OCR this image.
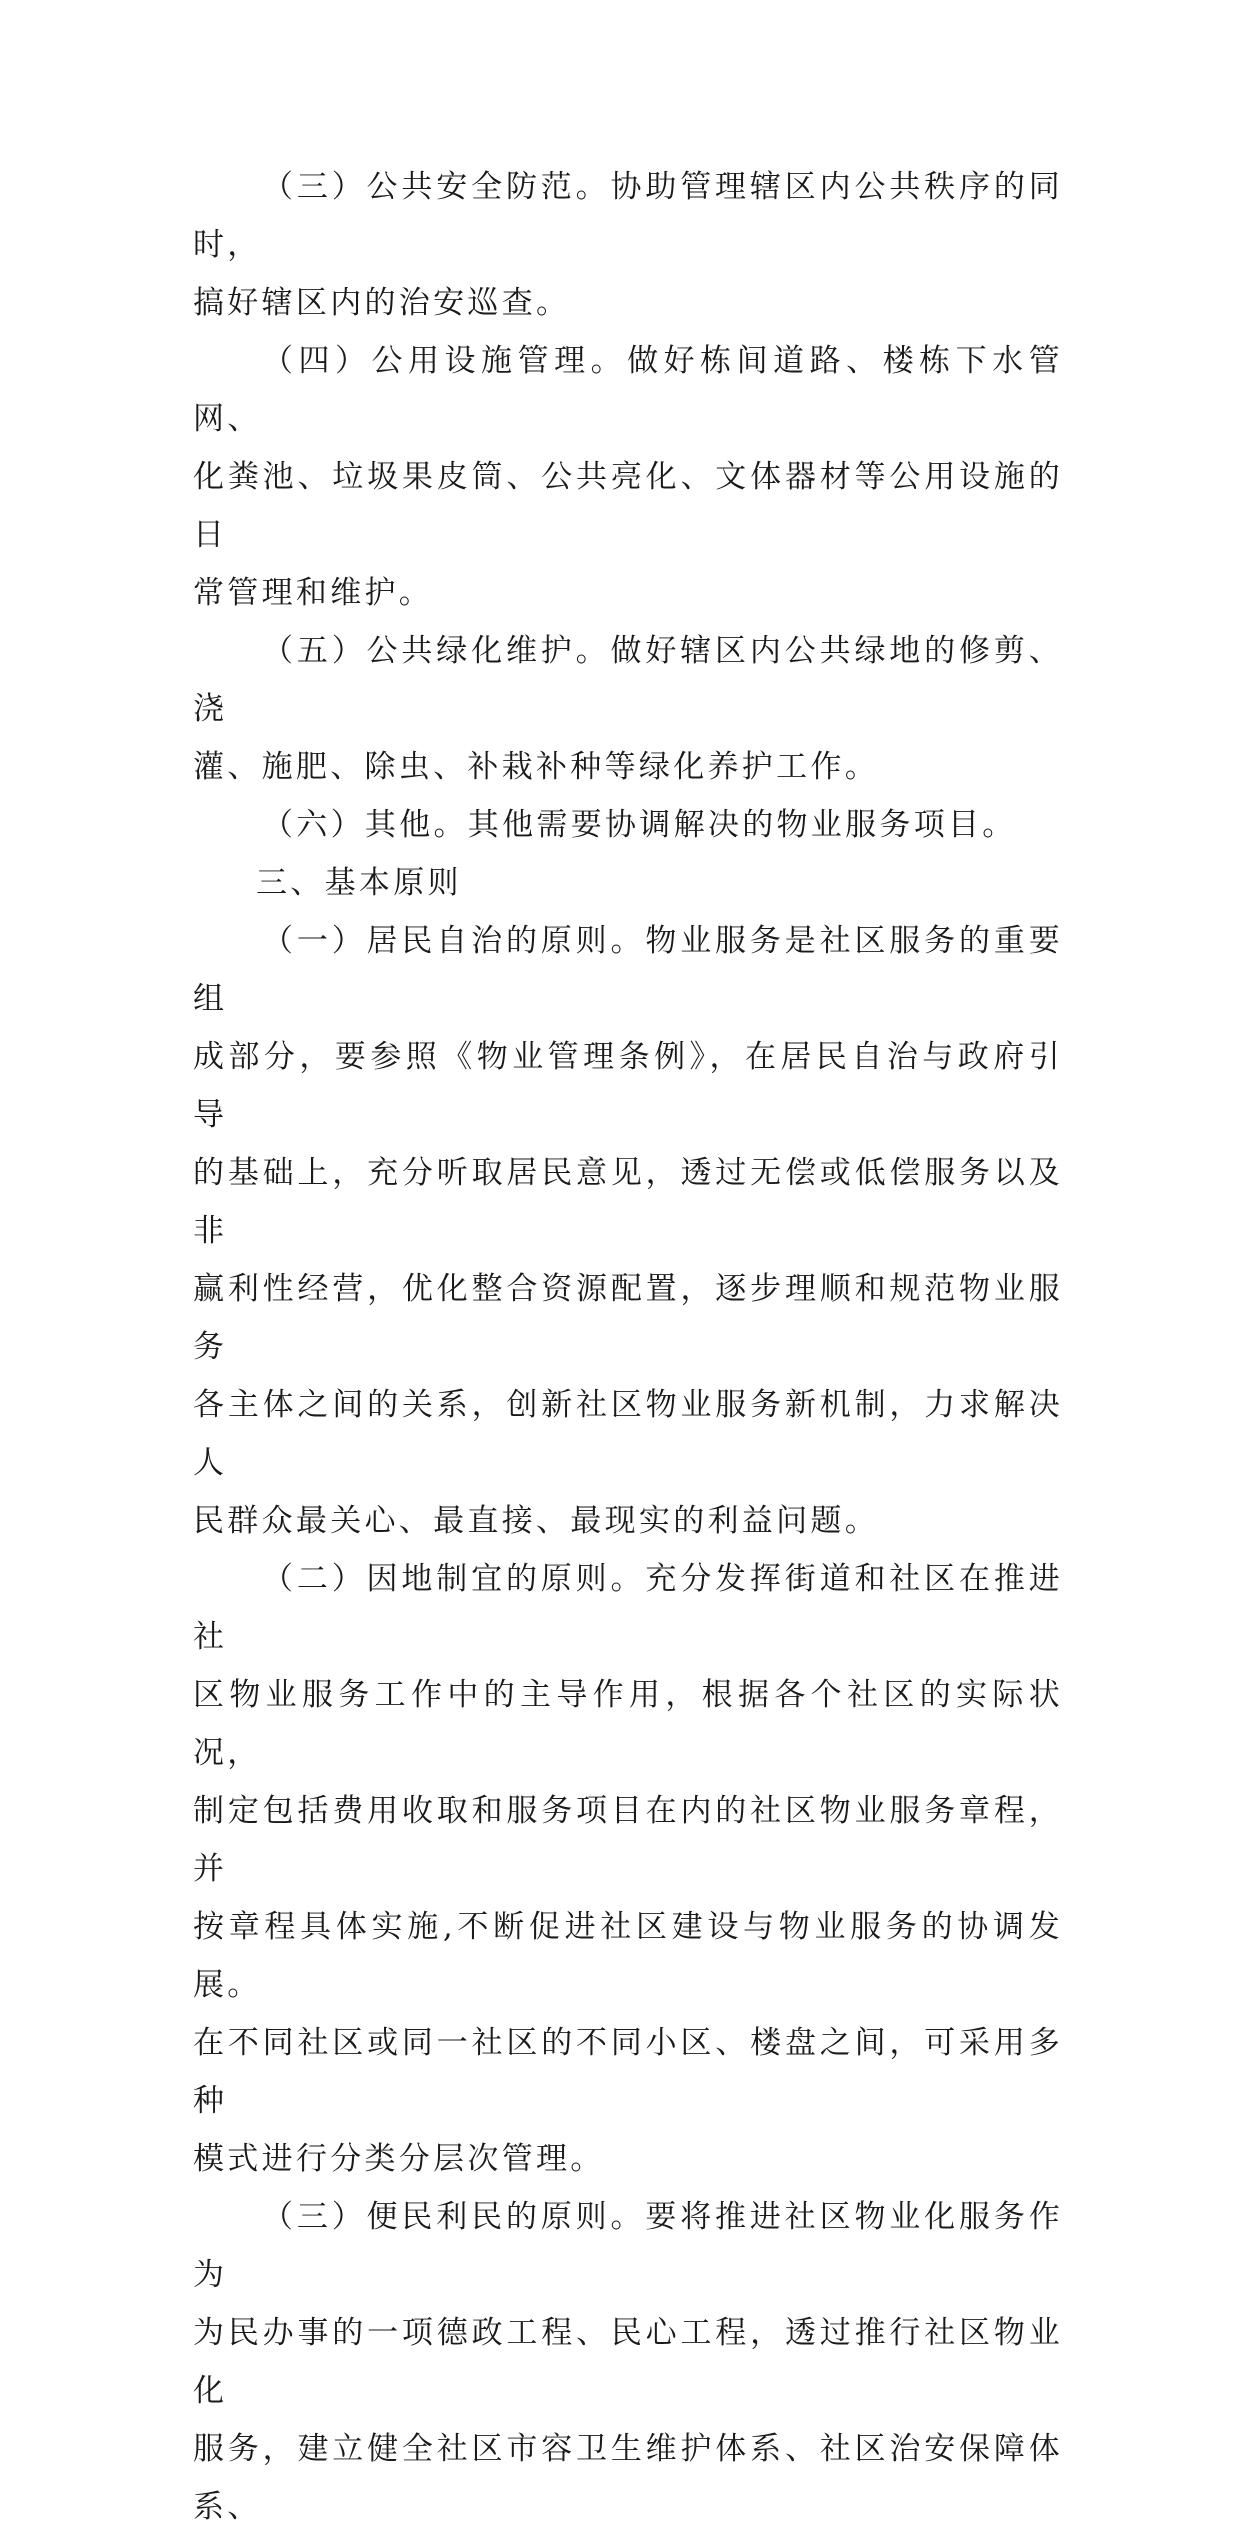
（三）公共安全防范。协助管理辖区内公共秩序的同时，
搞好辖区内的治安巡查。

（四）公用设施管理。做好栋间道路、楼栋下水管网、
化粪池、垃圾果皮筒、公共亮化、文体器材等公用设施的日
常管理和维护。

（五）公共绿化维护。做好辖区内公共绿地的修剪、浇
灌、施肥、除虫、补栽补种等绿化养护工作。

（六）其他。其他需要协调解决的物业服务项目。

三、基本原则

（一）居民自治的原则。物业服务是社区服务的重要组
成部分，要参照《物业管理条例》，在居民自治与政府引导
的基础上，充分听取居民意见，透过无偿或低偿服务以及非
赢利性经营，优化整合资源配置，逐步理顺和规范物业服务
各主体之间的关系，创新社区物业服务新机制，力求解决人
民群众最关心、最直接、最现实的利益问题。

（二）因地制宜的原则。充分发挥街道和社区在推进社
区物业服务工作中的主导作用，根据各个社区的实际状况，
制定包括费用收取和服务项目在内的社区物业服务章程，并
按章程具体实施,不断促进社区建设与物业服务的协调发展。
在不同社区或同一社区的不同小区、楼盘之间，可采用多种
模式进行分类分层次管理。

（三）便民利民的原则。要将推进社区物业化服务作为
为民办事的一项德政工程、民心工程，透过推行社区物业化
服务，建立健全社区市容卫生维护体系、社区治安保障体系、
